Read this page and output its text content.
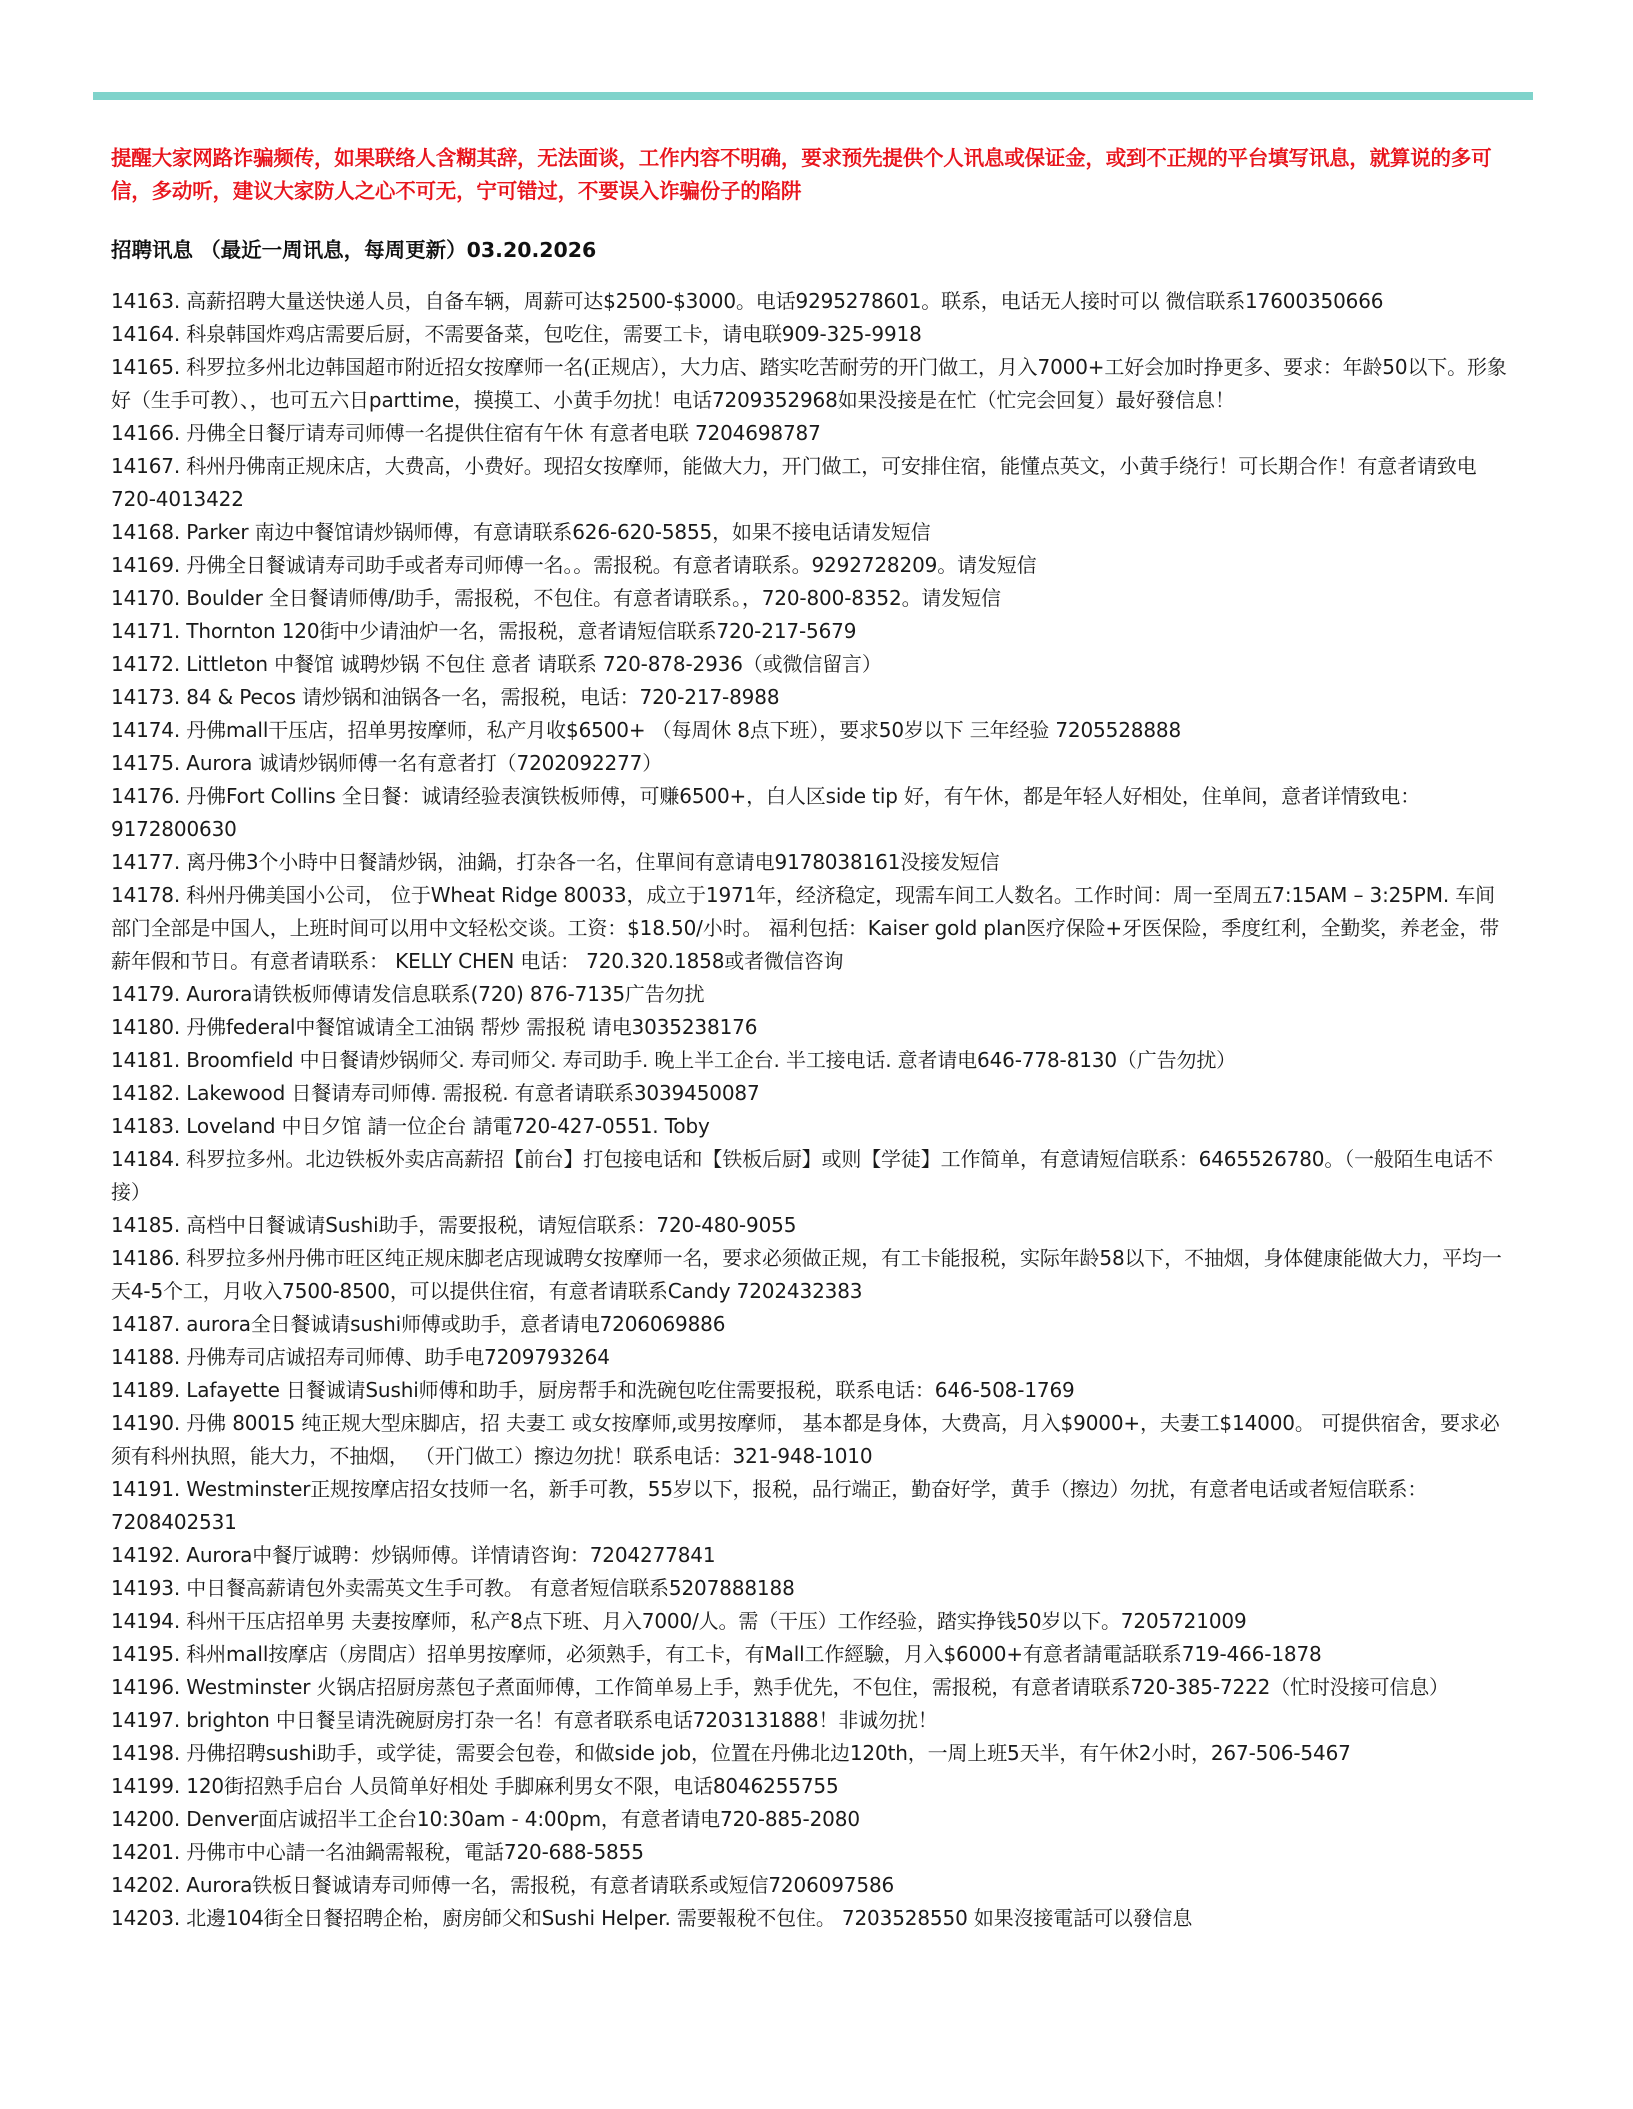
提醒大家网路诈骗频传，如果联络人含糊其辞，无法面谈，工作内容不明确，要求预先提供个人讯息或保证金，或到不正规的平台填写讯息，就算说的多可信，多动听，建议大家防人之心不可无，宁可错过，不要误入诈骗份子的陷阱

招聘讯息 （最近一周讯息，每周更新）03.20.2026
14163. 高薪招聘大量送快递人员，自备车辆，周薪可达$2500-$3000。电话9295278601。联系，电话无人接时可以 微信联系17600350666
14164. 科泉韩国炸鸡店需要后厨，不需要备菜，包吃住，需要工卡，请电联909-325-9918
14165. 科罗拉多州北边韩国超市附近招女按摩师一名(正规店），大力店、踏实吃苦耐劳的开门做工，月入7000+工好会加时挣更多、要求：年龄50以下。形象好（生手可教）、，也可五六日parttime，摸摸工、小黄手勿扰！电话7209352968如果没接是在忙（忙完会回复）最好發信息！
14166. 丹佛全日餐厅请寿司师傅一名提供住宿有午休 有意者电联 7204698787
14167. 科州丹佛南正规床店，大费高，小费好。现招女按摩师，能做大力，开门做工，可安排住宿，能懂点英文，小黄手绕行！可长期合作！有意者请致电 720-4013422
14168. Parker 南边中餐馆请炒锅师傅，有意请联系626-620-5855，如果不接电话请发短信
14169. 丹佛全日餐诚请寿司助手或者寿司师傅一名。。需报税。有意者请联系。9292728209。请发短信
14170. Boulder 全日餐请师傅/助手，需报税，不包住。有意者请联系。，720-800-8352。请发短信
14171. Thornton 120街中少请油炉一名，需报税，意者请短信联系720-217-5679
14172. Littleton 中餐馆 诚聘炒锅 不包住 意者 请联系 720-878-2936（或微信留言）
14173. 84 & Pecos 请炒锅和油锅各一名，需报税，电话：720-217-8988
14174. 丹佛mall干压店，招单男按摩师，私产月收$6500+ （每周休 8点下班），要求50岁以下 三年经验 7205528888
14175. Aurora 诚请炒锅师傅一名有意者打（7202092277）
14176. 丹佛Fort Collins 全日餐：诚请经验表演铁板师傅，可赚6500+，白人区side tip 好，有午休，都是年轻人好相处，住单间，意者详情致电：9172800630
14177. 离丹佛3个小時中日餐請炒锅，油鍋，打杂各一名，住單间有意请电9178038161没接发短信
14178. 科州丹佛美国小公司， 位于Wheat Ridge 80033，成立于1971年，经济稳定，现需车间工人数名。工作时间：周一至周五7:15AM – 3:25PM. 车间部门全部是中国人，上班时间可以用中文轻松交谈。工资：$18.50/小时。 福利包括：Kaiser gold plan医疗保险+牙医保险，季度红利，全勤奖，养老金，带薪年假和节日。有意者请联系： KELLY CHEN 电话： 720.320.1858或者微信咨询
14179. Aurora请铁板师傅请发信息联系(720) 876-7135广告勿扰
14180. 丹佛federal中餐馆诚请全工油锅 帮炒 需报税 请电3035238176
14181. Broomfield 中日餐请炒锅师父. 寿司师父. 寿司助手. 晚上半工企台. 半工接电话. 意者请电646-778-8130（广告勿扰）
14182. Lakewood 日餐请寿司师傅. 需报税. 有意者请联系3039450087
14183. Loveland 中日夕馆 請一位企台 請電720-427-0551. Toby
14184. 科罗拉多州。北边铁板外卖店高薪招【前台】打包接电话和【铁板后厨】或则【学徒】工作简单，有意请短信联系：6465526780。（一般陌生电话不接）
14185. 高档中日餐诚请Sushi助手，需要报税，请短信联系：720-480-9055
14186. 科罗拉多州丹佛市旺区纯正规床脚老店现诚聘女按摩师一名，要求必须做正规，有工卡能报税，实际年龄58以下，不抽烟，身体健康能做大力，平均一天4-5个工，月收入7500-8500，可以提供住宿，有意者请联系Candy 7202432383
14187. aurora全日餐诚请sushi师傅或助手，意者请电7206069886
14188. 丹佛寿司店诚招寿司师傅、助手电7209793264
14189. Lafayette 日餐诚请Sushi师傅和助手，厨房帮手和洗碗包吃住需要报税，联系电话：646-508-1769
14190. 丹佛 80015 纯正规大型床脚店，招 夫妻工 或女按摩师,或男按摩师， 基本都是身体，大费高，月入$9000+，夫妻工$14000。 可提供宿舍，要求必须有科州执照，能大力，不抽烟， （开门做工）擦边勿扰！联系电话：321-948-1010
14191. Westminster正规按摩店招女技师一名，新手可教，55岁以下，报税，品行端正，勤奋好学，黄手（擦边）勿扰，有意者电话或者短信联系：7208402531
14192. Aurora中餐厅诚聘：炒锅师傅。详情请咨询：7204277841
14193. 中日餐高薪请包外卖需英文生手可教。 有意者短信联系5207888188
14194. 科州干压店招单男 夫妻按摩师，私产8点下班、月入7000/人。需（干压）工作经验，踏实挣钱50岁以下。7205721009
14195. 科州mall按摩店（房間店）招单男按摩师，必须熟手，有工卡，有Mall工作經驗，月入$6000+有意者請電話联系719-466-1878
14196. Westminster 火锅店招厨房蒸包子煮面师傅，工作简单易上手，熟手优先，不包住，需报税，有意者请联系720-385-7222（忙时没接可信息）
14197. brighton 中日餐呈请洗碗厨房打杂一名！有意者联系电话7203131888！非诚勿扰！
14198. 丹佛招聘sushi助手，或学徒，需要会包卷，和做side job，位置在丹佛北边120th，一周上班5天半，有午休2小时，267-506-5467
14199. 120街招熟手启台 人员简单好相处 手脚麻利男女不限，电话8046255755
14200. Denver面店诚招半工企台10:30am - 4:00pm，有意者请电720-885-2080
14201. 丹佛市中心請一名油鍋需報稅，電話720-688-5855
14202. Aurora铁板日餐诚请寿司师傅一名，需报税，有意者请联系或短信7206097586
14203. 北邊104街全日餐招聘企枱，廚房師父和Sushi Helper. 需要報稅不包住。 7203528550 如果沒接電話可以發信息
